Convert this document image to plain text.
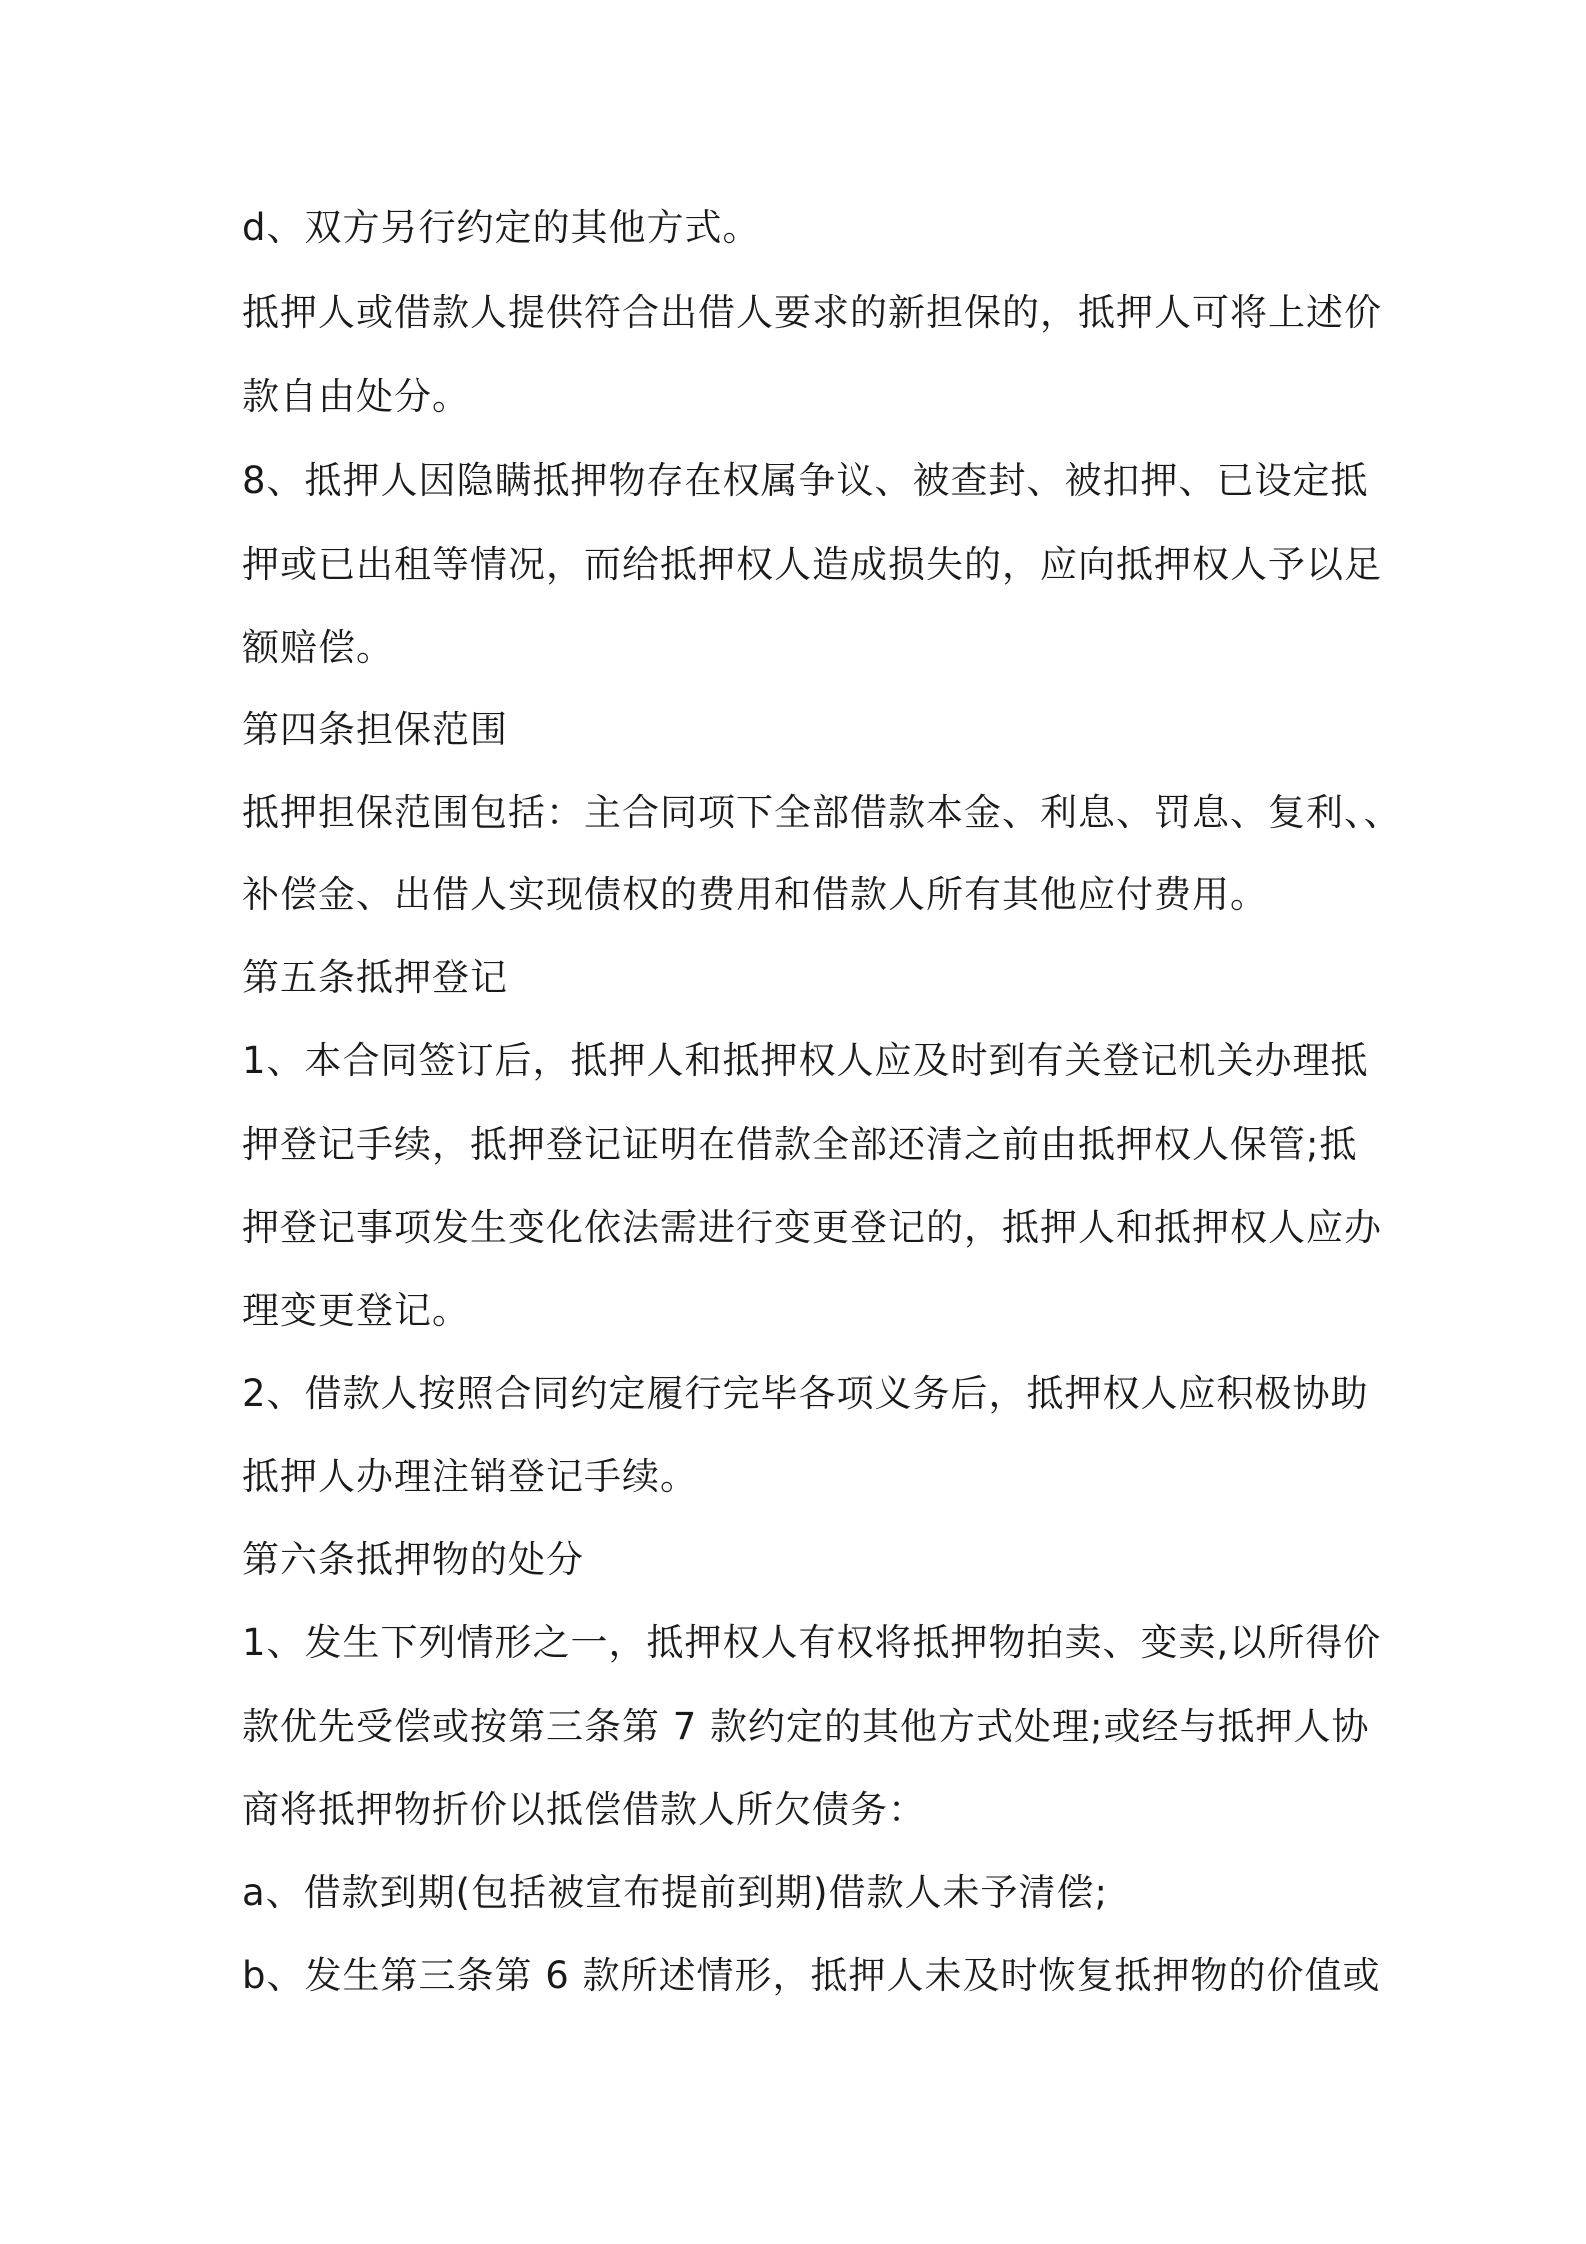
d、双方另行约定的其他方式。
抵押人或借款人提供符合出借人要求的新担保的，抵押人可将上述价
款自由处分。
8、抵押人因隐瞒抵押物存在权属争议、被查封、被扣押、已设定抵
押或已出租等情况，而给抵押权人造成损失的，应向抵押权人予以足
额赔偿。
第四条担保范围
抵押担保范围包括：主合同项下全部借款本金、利息、罚息、复利、、
补偿金、出借人实现债权的费用和借款人所有其他应付费用。
第五条抵押登记
1、本合同签订后，抵押人和抵押权人应及时到有关登记机关办理抵
押登记手续，抵押登记证明在借款全部还清之前由抵押权人保管;抵
押登记事项发生变化依法需进行变更登记的，抵押人和抵押权人应办
理变更登记。
2、借款人按照合同约定履行完毕各项义务后，抵押权人应积极协助
抵押人办理注销登记手续。
第六条抵押物的处分
1、发生下列情形之一，抵押权人有权将抵押物拍卖、变卖,以所得价
款优先受偿或按第三条第 7 款约定的其他方式处理;或经与抵押人协
商将抵押物折价以抵偿借款人所欠债务：
a、借款到期(包括被宣布提前到期)借款人未予清偿;
b、发生第三条第 6 款所述情形，抵押人未及时恢复抵押物的价值或
